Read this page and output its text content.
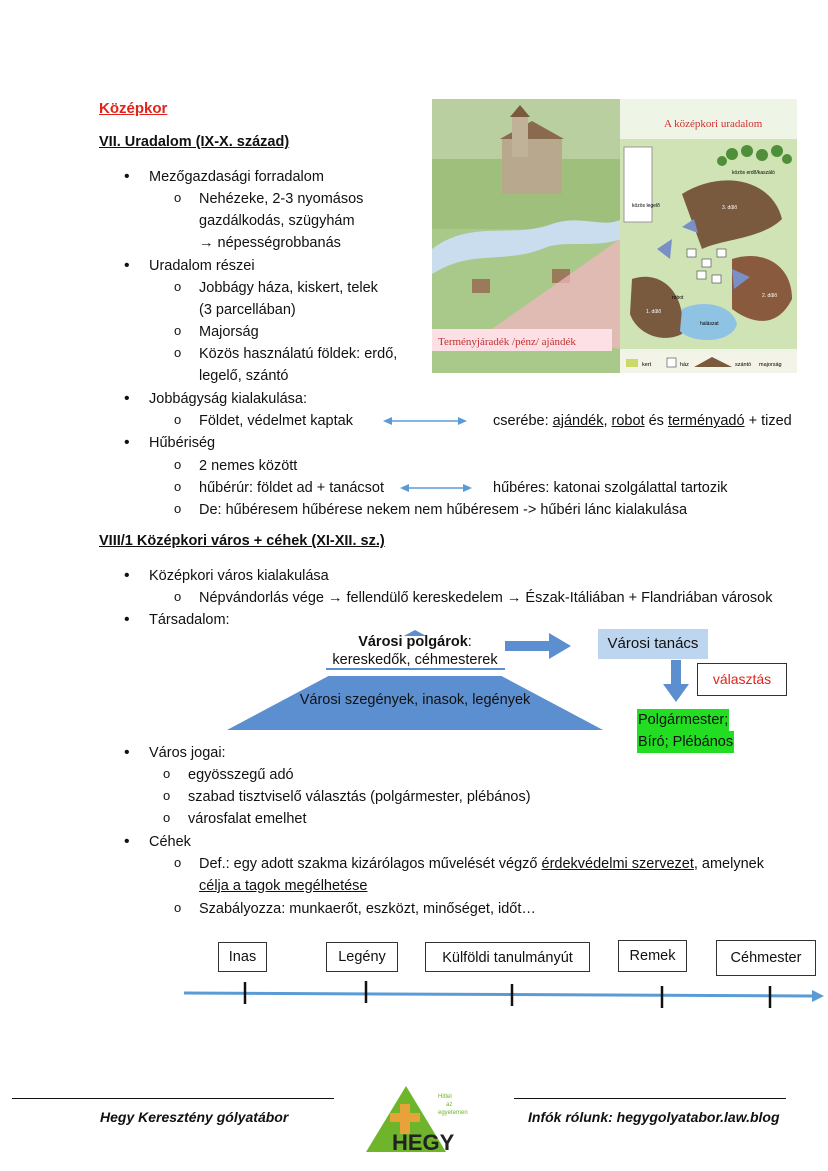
Középkor
VII. Uradalom (IX-X. század)
• Mezőgazdasági forradalom
o Nehézeke, 2-3 nyomásos
gazdálkodás, szügyhám
→ népességrobbanás
• Uradalom részei
o Jobbágy háza, kiskert, telek
(3 parcellában)
o Majorság
o Közös használatú földek: erdő,
legelő, szántó
• Jobbágyság kialakulása:
o Földet, védelmet kaptak	cserébe: ajándék, robot és terményadó + tized
• Hűbériség
o 2 nemes között
o hűbérúr: földet ad + tanácsot	hűbéres: katonai szolgálattal tartozik
o De: hűbéresem hűbérese nekem nem hűbéresem -> hűbéri lánc kialakulása
A középkori uradalom
Terményjáradék /pénz/ ajándék
kert	ház	szántó majorság
közös legelő
közös erdő/kaszáló
1. dűlő
2. dűlő
3. dűlő
robot
halászat
VIII/1 Középkori város + céhek (XI-XII. sz.)
• Középkori város kialakulása
o Népvándorlás vége → fellendülő kereskedelem → Észak-Itáliában + Flandriában városok
• Társadalom:
Városi polgárok:
kereskedők, céhmesterek
Városi szegények, inasok, legények
Városi tanács
választás
Polgármester;
Bíró; Plébános
• Város jogai:
o egyösszegű adó
o szabad tisztviselő választás (polgármester, plébános)
o városfalat emelhet
• Céhek
o Def.: egy adott szakma kizárólagos művelését végző érdekvédelmi szervezet, amelynek
célja a tagok megélhetése
o Szabályozza: munkaerőt, eszközt, minőséget, időt…
Inas	Legény	Külföldi tanulmányút	Remek	Céhmester
Hegy Keresztény gólyatábor	Infók rólunk: hegygolyatabor.law.blog
HEGY
Hittel
az
egyetemen
